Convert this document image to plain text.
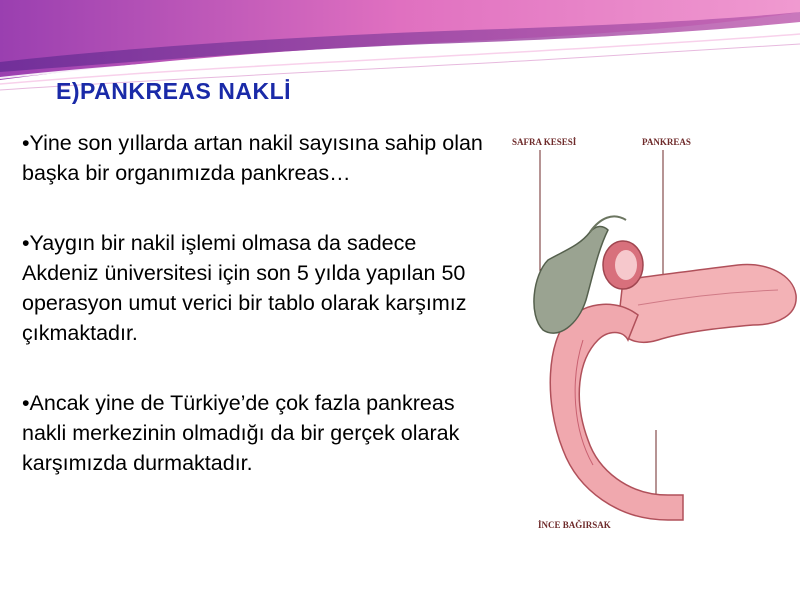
E)PANKREAS NAKLİ

•Yine son yıllarda artan nakil sayısına sahip olan başka bir organımızda pankreas…

•Yaygın bir nakil işlemi olmasa da sadece Akdeniz üniversitesi için son 5 yılda yapılan 50 operasyon umut verici bir tablo olarak karşımız çıkmaktadır.

•Ancak yine de Türkiye’de çok fazla pankreas nakli merkezinin olmadığı da bir gerçek olarak karşımızda durmaktadır.

SAFRA KESESİ	PANKREAS
İNCE BAĞIRSAK
